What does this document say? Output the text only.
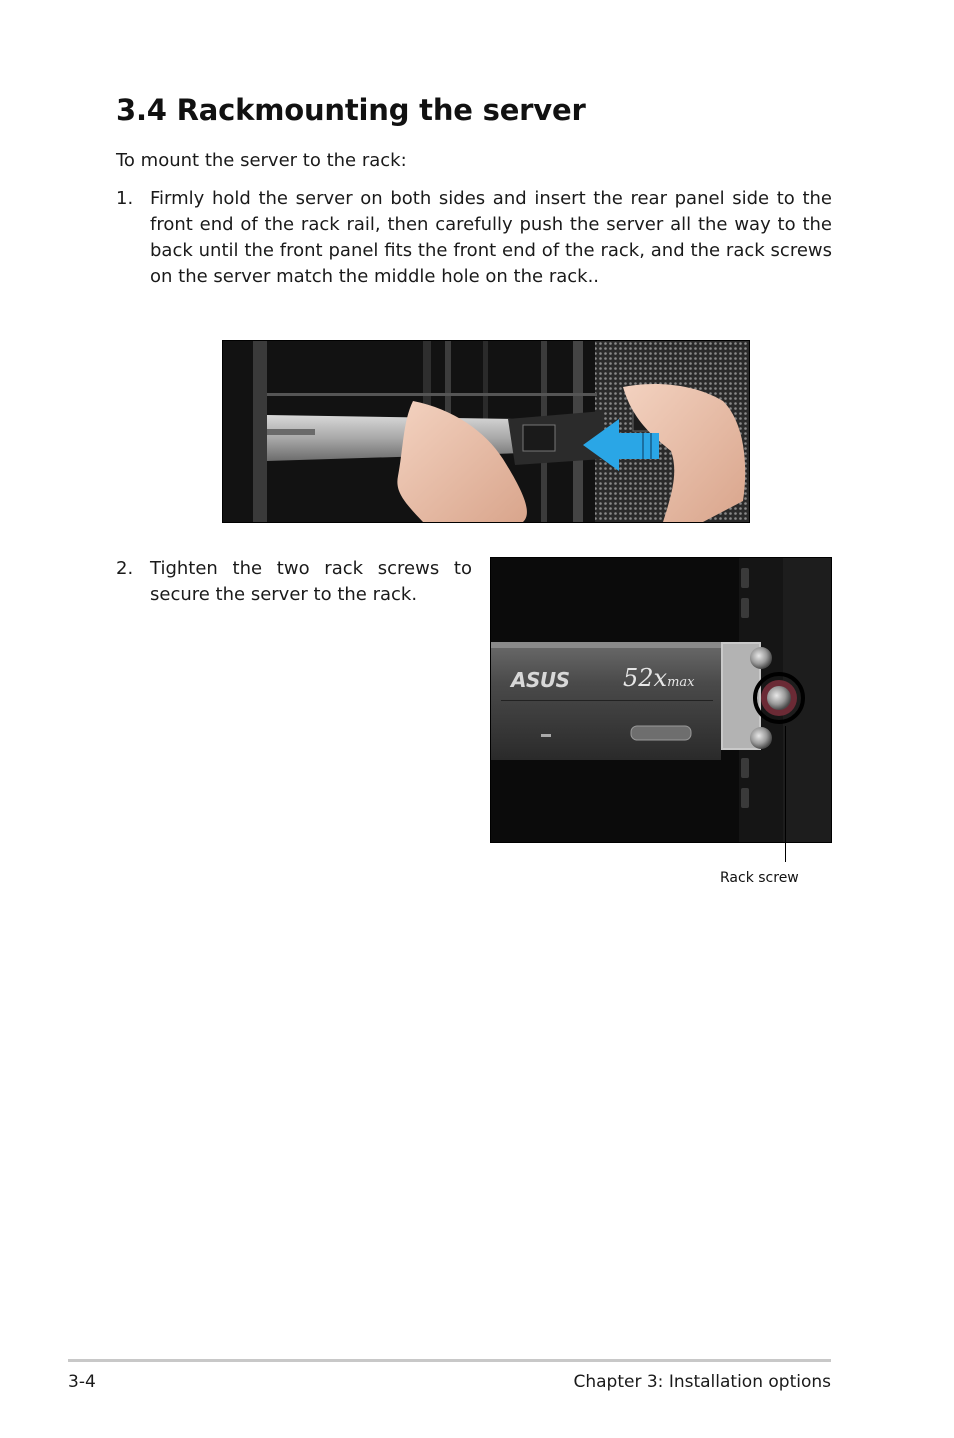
3.4 Rackmounting the server

To mount the server to the rack:

1. Firmly hold the server on both sides and insert the rear panel side to the front end of the rack rail, then carefully push the server all the way to the back until the front panel fits the front end of the rack, and the rack screws on the server match the middle hole on the rack..
2. Tighten the two rack screws to secure the server to the rack.
ASUS 52xmax
Rack screw
3-4	Chapter 3: Installation options
